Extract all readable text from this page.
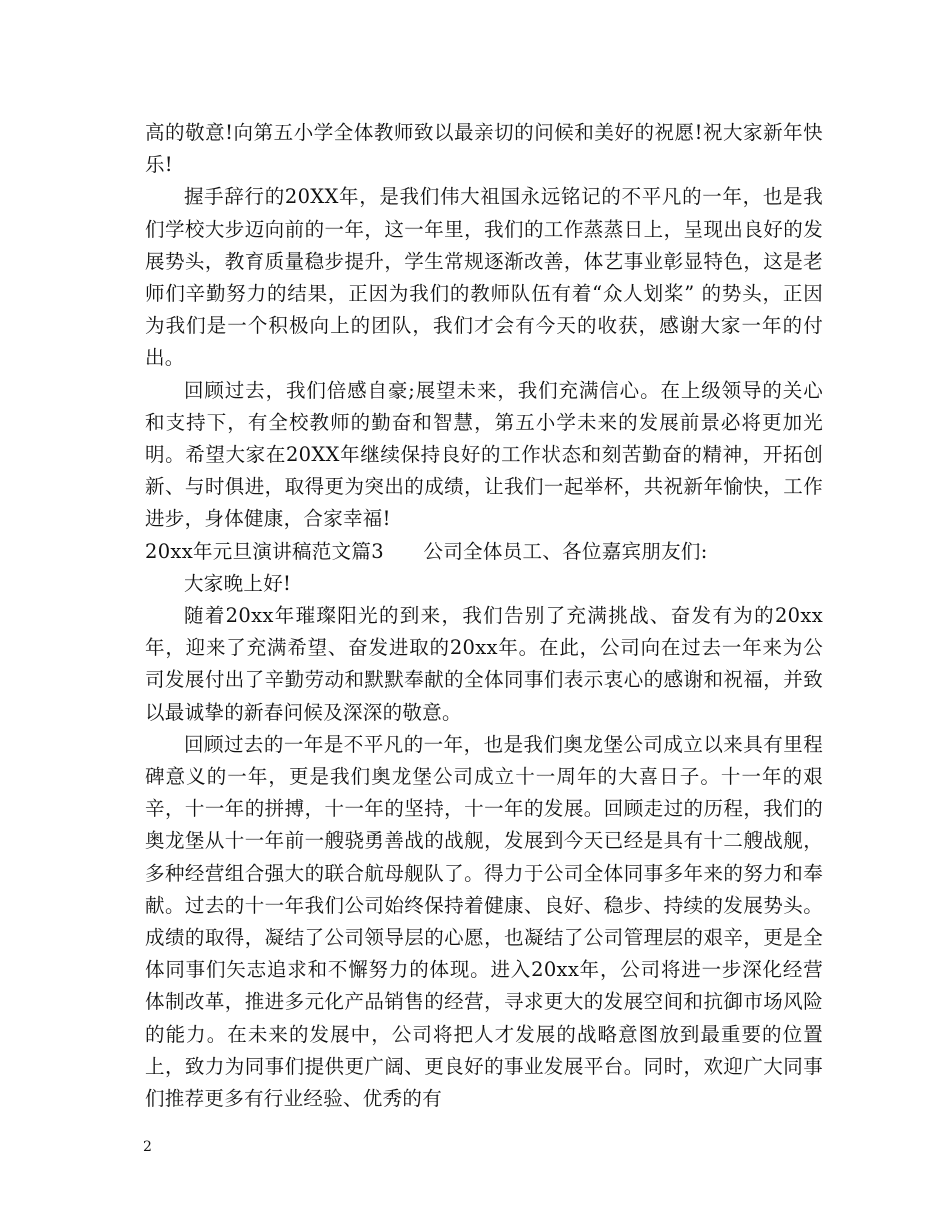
高的敬意!向第五小学全体教师致以最亲切的问候和美好的祝愿!祝大家新年快乐!

握手辞行的20XX年，是我们伟大祖国永远铭记的不平凡的一年，也是我们学校大步迈向前的一年，这一年里，我们的工作蒸蒸日上，呈现出良好的发展势头，教育质量稳步提升，学生常规逐渐改善，体艺事业彰显特色，这是老师们辛勤努力的结果，正因为我们的教师队伍有着“众人划桨” 的势头，正因为我们是一个积极向上的团队，我们才会有今天的收获，感谢大家一年的付出。

回顾过去，我们倍感自豪;展望未来，我们充满信心。在上级领导的关心和支持下，有全校教师的勤奋和智慧，第五小学未来的发展前景必将更加光明。希望大家在20XX年继续保持良好的工作状态和刻苦勤奋的精神，开拓创新、与时俱进，取得更为突出的成绩，让我们一起举杯，共祝新年愉快，工作进步，身体健康，合家幸福!

20xx年元旦演讲稿范文篇3　　公司全体员工、各位嘉宾朋友们:

大家晚上好!

随着20xx年璀璨阳光的到来，我们告别了充满挑战、奋发有为的20xx年，迎来了充满希望、奋发进取的20xx年。在此，公司向在过去一年来为公司发展付出了辛勤劳动和默默奉献的全体同事们表示衷心的感谢和祝福，并致以最诚挚的新春问候及深深的敬意。

回顾过去的一年是不平凡的一年，也是我们奥龙堡公司成立以来具有里程碑意义的一年，更是我们奥龙堡公司成立十一周年的大喜日子。十一年的艰辛，十一年的拼搏，十一年的坚持，十一年的发展。回顾走过的历程，我们的奥龙堡从十一年前一艘骁勇善战的战舰，发展到今天已经是具有十二艘战舰，多种经营组合强大的联合航母舰队了。得力于公司全体同事多年来的努力和奉献。过去的十一年我们公司始终保持着健康、良好、稳步、持续的发展势头。成绩的取得，凝结了公司领导层的心愿，也凝结了公司管理层的艰辛，更是全体同事们矢志追求和不懈努力的体现。进入20xx年，公司将进一步深化经营体制改革，推进多元化产品销售的经营，寻求更大的发展空间和抗御市场风险的能力。在未来的发展中，公司将把人才发展的战略意图放到最重要的位置上，致力为同事们提供更广阔、更良好的事业发展平台。同时，欢迎广大同事们推荐更多有行业经验、优秀的有

2
